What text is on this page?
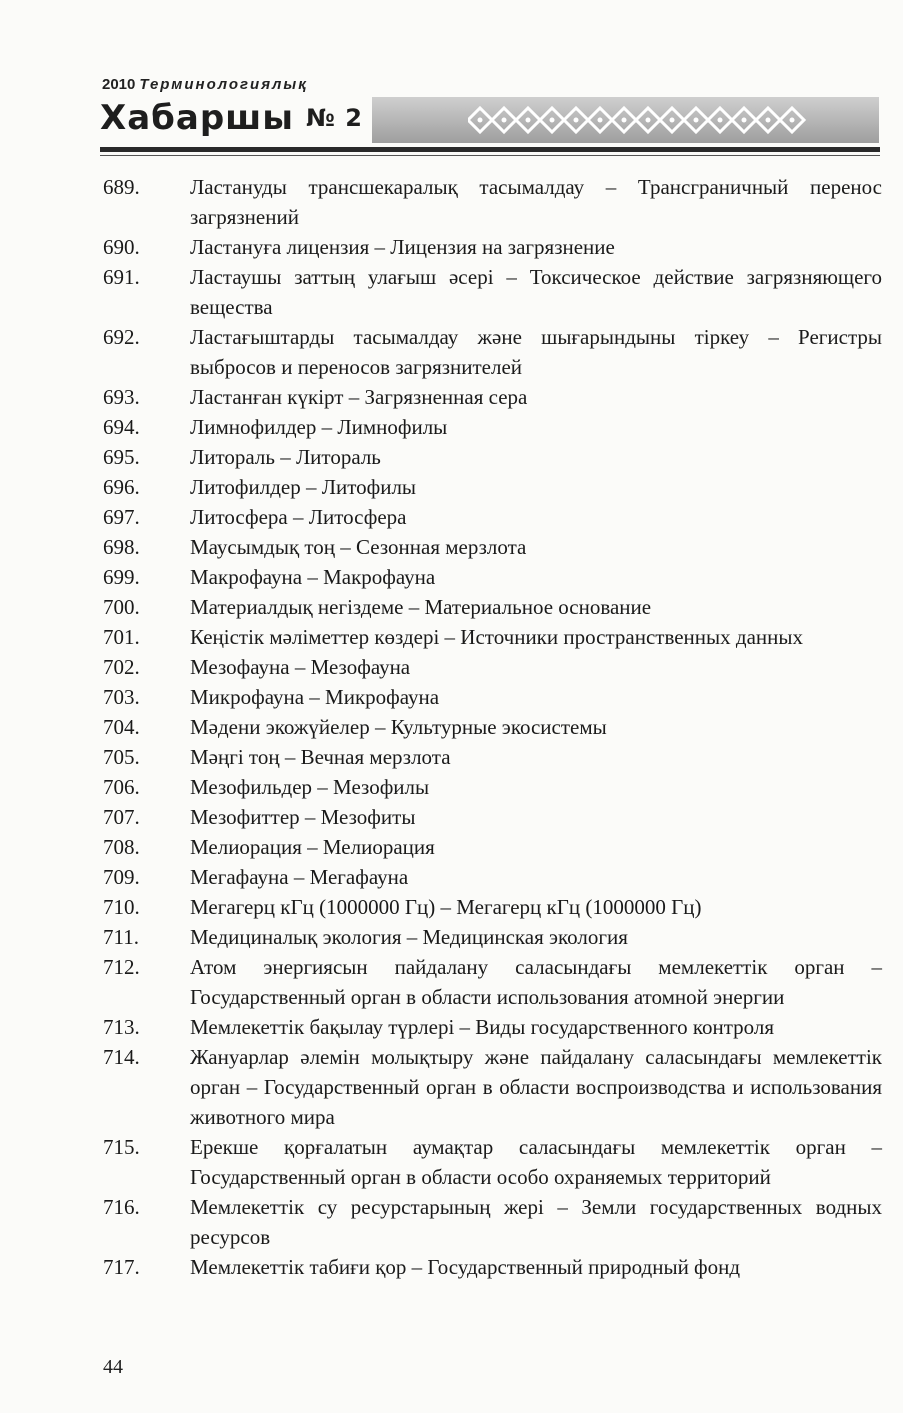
2010 Терминологиялық
Хабаршы № 2
689. Ластануды трансшекаралық тасымалдау – Трансграничный перенос загрязнений
690. Ластануға лицензия – Лицензия на загрязнение
691. Ластаушы заттың улағыш әсері – Токсическое действие загрязняющего вещества
692. Ластағыштарды тасымалдау және шығарындыны тіркеу – Регистры выбросов и переносов загрязнителей
693. Ластанған күкірт – Загрязненная сера
694. Лимнофилдер – Лимнофилы
695. Литораль – Литораль
696. Литофилдер – Литофилы
697. Литосфера – Литосфера
698. Маусымдық тоң – Сезонная мерзлота
699. Макрофауна – Макрофауна
700. Материалдық негіздеме – Материальное основание
701. Кеңістік мәліметтер көздері – Источники пространственных данных
702. Мезофауна – Мезофауна
703. Микрофауна – Микрофауна
704. Мәдени экожүйелер – Культурные экосистемы
705. Мәңгі тоң – Вечная мерзлота
706. Мезофильдер – Мезофилы
707. Мезофиттер – Мезофиты
708. Мелиорация – Мелиорация
709. Мегафауна – Мегафауна
710. Мегагерц кГц (1000000 Гц) – Мегагерц кГц (1000000 Гц)
711. Медициналық экология – Медицинская экология
712. Атом энергиясын пайдалану саласындағы мемлекеттік орган – Государственный орган в области использования атомной энергии
713. Мемлекеттік бақылау түрлері – Виды государственного контроля
714. Жануарлар әлемін молықтыру және пайдалану саласындағы мемлекеттік орган – Государственный орган в области воспроизводства и использования животного мира
715. Ерекше қорғалатын аумақтар саласындағы мемлекеттік орган – Государственный орган в области особо охраняемых территорий
716. Мемлекеттік су ресурстарының жері – Земли государственных водных ресурсов
717. Мемлекеттік табиғи қор – Государственный природный фонд
44
